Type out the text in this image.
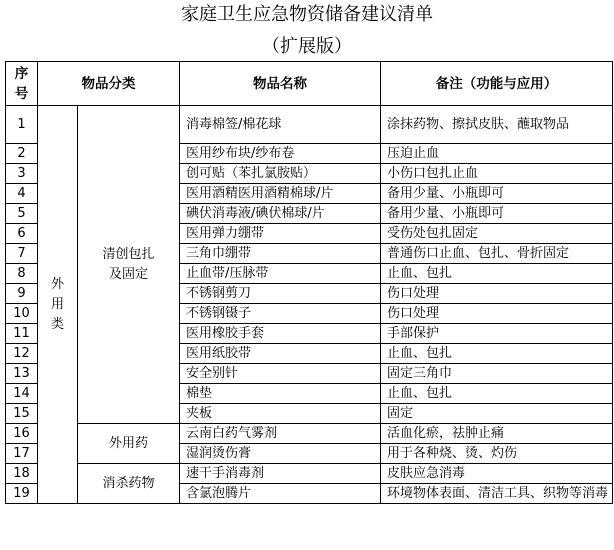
家庭卫生应急物资储备建议清单
（扩展版）
序号	物品分类		物品名称	备注（功能与应用）
1	外用类	清创包扎及固定	消毒棉签/棉花球	涂抹药物、擦拭皮肤、蘸取物品
2			医用纱布块/纱布卷	压迫止血
3			创可贴（苯扎氯胺贴）	小伤口包扎止血
4			医用酒精医用酒精棉球/片	备用少量、小瓶即可
5			碘伏消毒液/碘伏棉球/片	备用少量、小瓶即可
6			医用弹力绷带	受伤处包扎固定
7			三角巾绷带	普通伤口止血、包扎、骨折固定
8			止血带/压脉带	止血、包扎
9			不锈钢剪刀	伤口处理
10			不锈钢镊子	伤口处理
11			医用橡胶手套	手部保护
12			医用纸胶带	止血、包扎
13			安全别针	固定三角巾
14			棉垫	止血、包扎
15			夹板	固定
16		外用药	云南白药气雾剂	活血化瘀，祛肿止痛
17			湿润烫伤膏	用于各种烧、烫、灼伤
18		消杀药物	速干手消毒剂	皮肤应急消毒
19			含氯泡腾片	环境物体表面、清洁工具、织物等消毒
